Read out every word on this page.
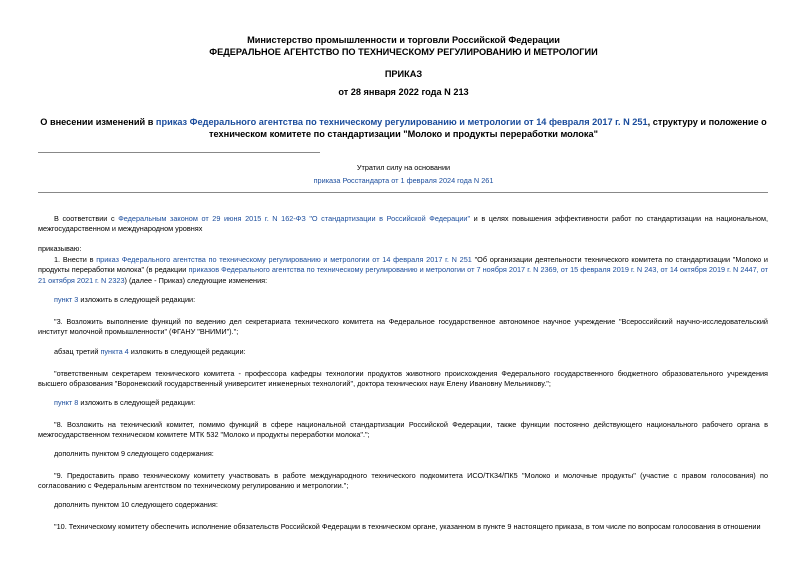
Министерство промышленности и торговли Российской Федерации
ФЕДЕРАЛЬНОЕ АГЕНТСТВО ПО ТЕХНИЧЕСКОМУ РЕГУЛИРОВАНИЮ И МЕТРОЛОГИИ
ПРИКАЗ
от 28 января 2022 года N 213
О внесении изменений в приказ Федерального агентства по техническому регулированию и метрологии от 14 февраля 2017 г. N 251, структуру и положение о техническом комитете по стандартизации "Молоко и продукты переработки молока"
Утратил силу на основании
приказа Росстандарта от 1 февраля 2024 года N 261
В соответствии с Федеральным законом от 29 июня 2015 г. N 162-ФЗ "О стандартизации в Российской Федерации" и в целях повышения эффективности работ по стандартизации на национальном, межгосударственном и международном уровнях
приказываю:
1. Внести в приказ Федерального агентства по техническому регулированию и метрологии от 14 февраля 2017 г. N 251 "Об организации деятельности технического комитета по стандартизации "Молоко и продукты переработки молока" (в редакции приказов Федерального агентства по техническому регулированию и метрологии от 7 ноября 2017 г. N 2369, от 15 февраля 2019 г. N 243, от 14 октября 2019 г. N 2447, от 21 октября 2021 г. N 2323) (далее - Приказ) следующие изменения:
пункт 3 изложить в следующей редакции:
"3. Возложить выполнение функций по ведению дел секретариата технического комитета на Федеральное государственное автономное научное учреждение "Всероссийский научно-исследовательский институт молочной промышленности" (ФГАНУ "ВНИМИ").";
абзац третий пункта 4 изложить в следующей редакции:
"ответственным секретарем технического комитета - профессора кафедры технологии продуктов животного происхождения Федерального государственного бюджетного образовательного учреждения высшего образования "Воронежский государственный университет инженерных технологий", доктора технических наук Елену Ивановну Мельникову.";
пункт 8 изложить в следующей редакции:
"8. Возложить на технический комитет, помимо функций в сфере национальной стандартизации Российской Федерации, также функции постоянно действующего национального рабочего органа в межгосударственном техническом комитете МТК 532 "Молоко и продукты переработки молока".";
дополнить пунктом 9 следующего содержания:
"9. Предоставить право техническому комитету участвовать в работе международного технического подкомитета ИСО/ТК34/ПК5 "Молоко и молочные продукты" (участие с правом голосования) по согласованию с Федеральным агентством по техническому регулированию и метрологии.";
дополнить пунктом 10 следующего содержания:
"10. Техническому комитету обеспечить исполнение обязательств Российской Федерации в техническом органе, указанном в пункте 9 настоящего приказа, в том числе по вопросам голосования в отношении
